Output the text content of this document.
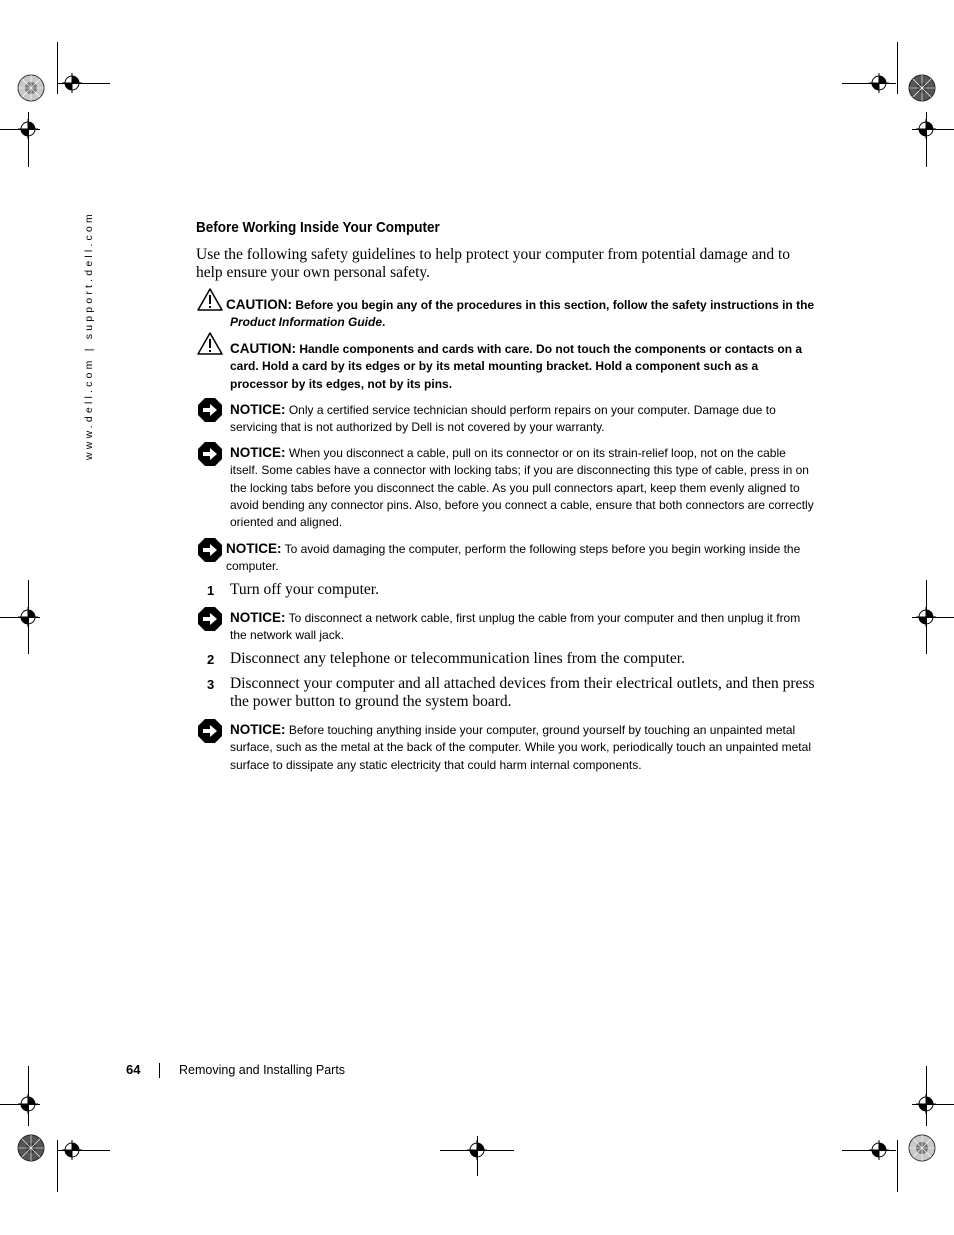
www.dell.com | support.dell.com	Before Working Inside Your Computer
Use the following safety guidelines to help protect your computer from potential damage and to help ensure your own personal safety.
CAUTION: Before you begin any of the procedures in this section, follow the safety instructions in the
Product Information Guide.
CAUTION: Handle components and cards with care. Do not touch the components or contacts on a card. Hold a card by its edges or by its metal mounting bracket. Hold a component such as a processor by its edges, not by its pins.
NOTICE: Only a certified service technician should perform repairs on your computer. Damage due to servicing that is not authorized by Dell is not covered by your warranty.
NOTICE: When you disconnect a cable, pull on its connector or on its strain-relief loop, not on the cable itself. Some cables have a connector with locking tabs; if you are disconnecting this type of cable, press in on the locking tabs before you disconnect the cable. As you pull connectors apart, keep them evenly aligned to avoid bending any connector pins. Also, before you connect a cable, ensure that both connectors are correctly oriented and aligned.
NOTICE: To avoid damaging the computer, perform the following steps before you begin working inside the computer.
1 Turn off your computer.
NOTICE: To disconnect a network cable, first unplug the cable from your computer and then unplug it from the network wall jack.
2 Disconnect any telephone or telecommunication lines from the computer.
3 Disconnect your computer and all attached devices from their electrical outlets, and then press the power button to ground the system board.
NOTICE: Before touching anything inside your computer, ground yourself by touching an unpainted metal surface, such as the metal at the back of the computer. While you work, periodically touch an unpainted metal surface to dissipate any static electricity that could harm internal components.
64	Removing and Installing Parts
